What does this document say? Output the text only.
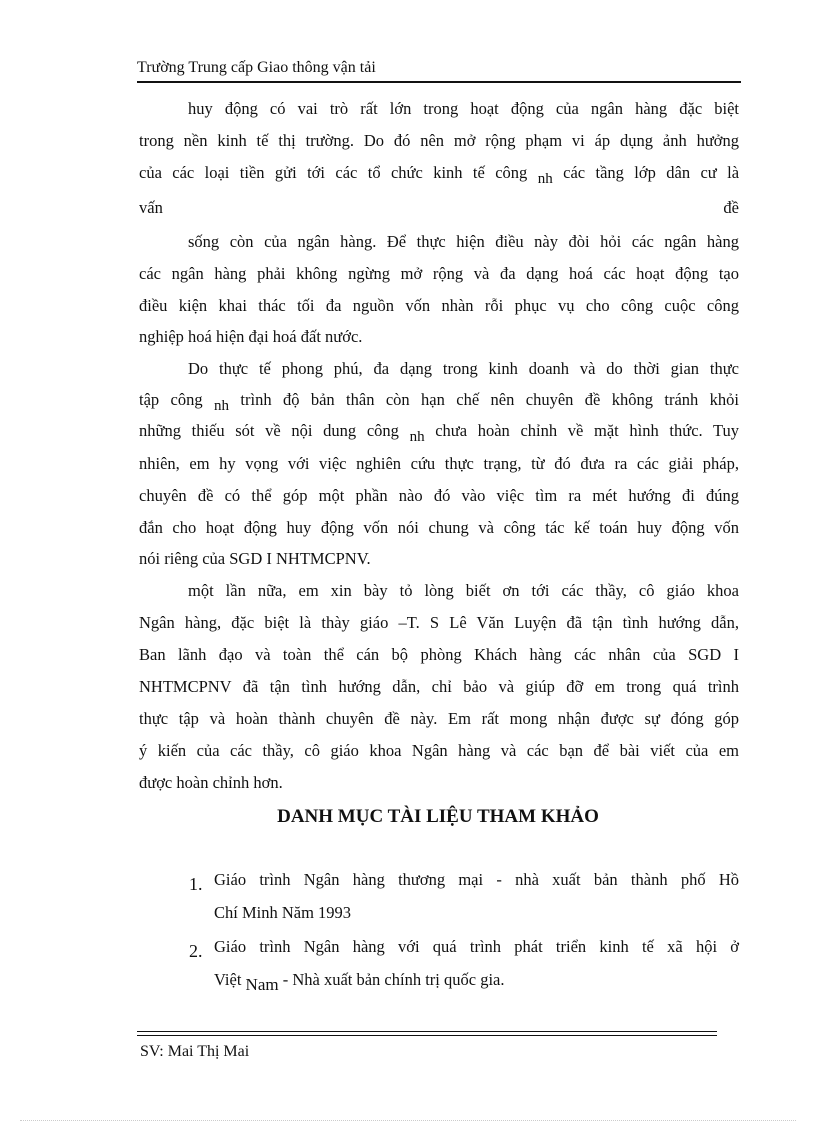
Trường Trung cấp Giao thông vận tải
huy động có vai trò rất lớn trong hoạt động của ngân hàng đặc biệt
trong nền kinh tế thị trường. Do đó nên mở rộng phạm vi áp dụng ảnh hưởng
của các loại tiền gửi tới các tổ chức kinh tế công nh các tầng lớp dân cư là
vấn	đề
sống còn của ngân hàng. Để thực hiện điều này đòi hỏi các ngân hàng
các ngân hàng phải không ngừng mở rộng và đa dạng hoá các hoạt động tạo
điều kiện khai thác tối đa nguồn vốn nhàn rỗi phục vụ cho công cuộc công
nghiệp hoá hiện đại hoá đất nước.
Do thực tế phong phú, đa dạng trong kinh doanh và do thời gian thực
tập công nh trình độ bản thân còn hạn chế nên chuyên đề không tránh khỏi
những thiếu sót về nội dung công nh chưa hoàn chỉnh về mặt hình thức. Tuy
nhiên, em hy vọng với việc nghiên cứu thực trạng, từ đó đưa ra các giải pháp,
chuyên đề có thể góp một phần nào đó vào việc tìm ra mét hướng đi đúng
đắn cho hoạt động huy động vốn nói chung và công tác kế toán huy động vốn
nói riêng của SGD I NHTMCPNV.
một lần nữa, em xin bày tỏ lòng biết ơn tới các thầy, cô giáo khoa
Ngân hàng, đặc biệt là thày giáo –T. S Lê Văn Luyện đã tận tình hướng dẫn,
Ban lãnh đạo và toàn thể cán bộ phòng Khách hàng các nhân của SGD I
NHTMCPNV đã tận tình hướng dẫn, chỉ bảo và giúp đỡ em trong quá trình
thực tập và hoàn thành chuyên đề này. Em rất mong nhận được sự đóng góp
ý kiến của các thầy, cô giáo khoa Ngân hàng và các bạn để bài viết của em
được hoàn chỉnh hơn.
DANH MỤC TÀI LIỆU THAM KHẢO
1. Giáo trình Ngân hàng thương mại - nhà xuất bản thành phố Hồ
Chí Minh Năm 1993
2. Giáo trình Ngân hàng với quá trình phát triển kinh tế xã hội ở
Việt Nam - Nhà xuất bản chính trị quốc gia.
SV: Mai Thị Mai
